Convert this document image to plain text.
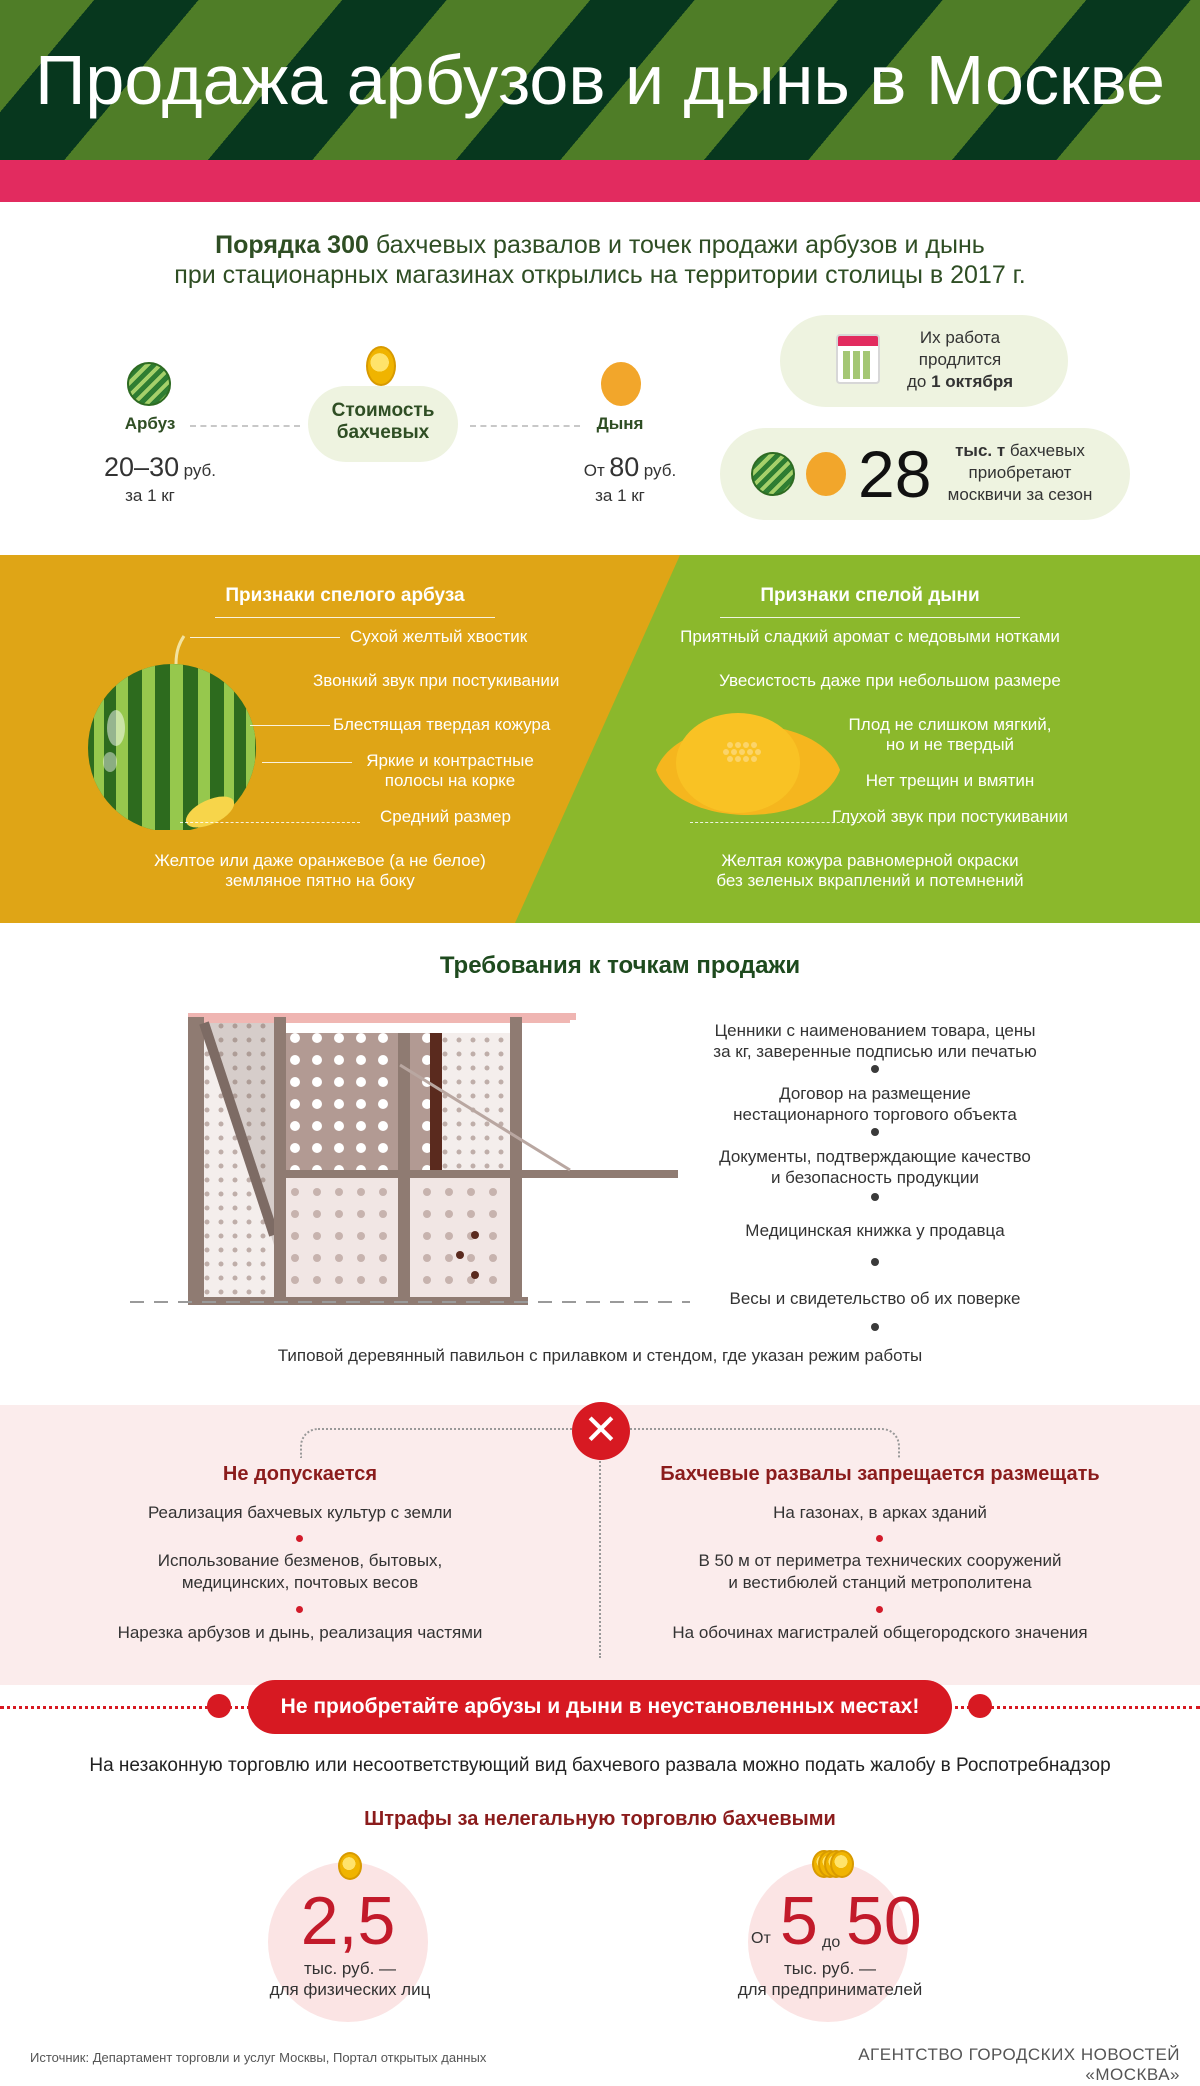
Продажа арбузов и дынь в Москве
Порядка 300 бахчевых развалов и точек продажи арбузов и дынь
при стационарных магазинах открылись на территории столицы в 2017 г.
Арбуз
20–30 руб.
за 1 кг
Стоимость бахчевых	Дыня
От 80 руб.
за 1 кг
Их работа
продлится
до 1 октября
28	тыс. т бахчевых
приобретают
москвичи за сезон
Признаки спелого арбуза	Признаки спелой дыни
Сухой желтый хвостик
Звонкий звук при постукивании
Блестящая твердая кожура
Яркие и контрастные
полосы на корке
Средний размер
Желтое или даже оранжевое (а не белое)
земляное пятно на боку
Приятный сладкий аромат с медовыми нотками
Увесистость даже при небольшом размере
Плод не слишком мягкий,
но и не твердый
Нет трещин и вмятин
Глухой звук при постукивании
Желтая кожура равномерной окраски
без зеленых вкраплений и потемнений
Требования к точкам продажи
Ценники с наименованием товара, цены
за кг, заверенные подписью или печатью
Договор на размещение
нестационарного торгового объекта
Документы, подтверждающие качество
и безопасность продукции
Медицинская книжка у продавца
Весы и свидетельство об их поверке
Типовой деревянный павильон с прилавком и стендом, где указан режим работы
✕
Не допускается
Реализация бахчевых культур с земли
Использование безменов, бытовых,
медицинских, почтовых весов
Нарезка арбузов и дынь, реализация частями
Бахчевые развалы запрещается размещать
На газонах, в арках зданий
В 50 м от периметра технических сооружений
и вестибюлей станций метрополитена
На обочинах магистралей общегородского значения
Не приобретайте арбузы и дыни в неустановленных местах!
На незаконную торговлю или несоответствующий вид бахчевого развала можно подать жалобу в Роспотребнадзор
Штрафы за нелегальную торговлю бахчевыми
2,5
тыс. руб. —
для физических лиц
От 5 до 50
тыс. руб. —
для предпринимателей
Источник: Департамент торговли и услуг Москвы, Портал открытых данных	АГЕНТСТВО ГОРОДСКИХ НОВОСТЕЙ «МОСКВА»
